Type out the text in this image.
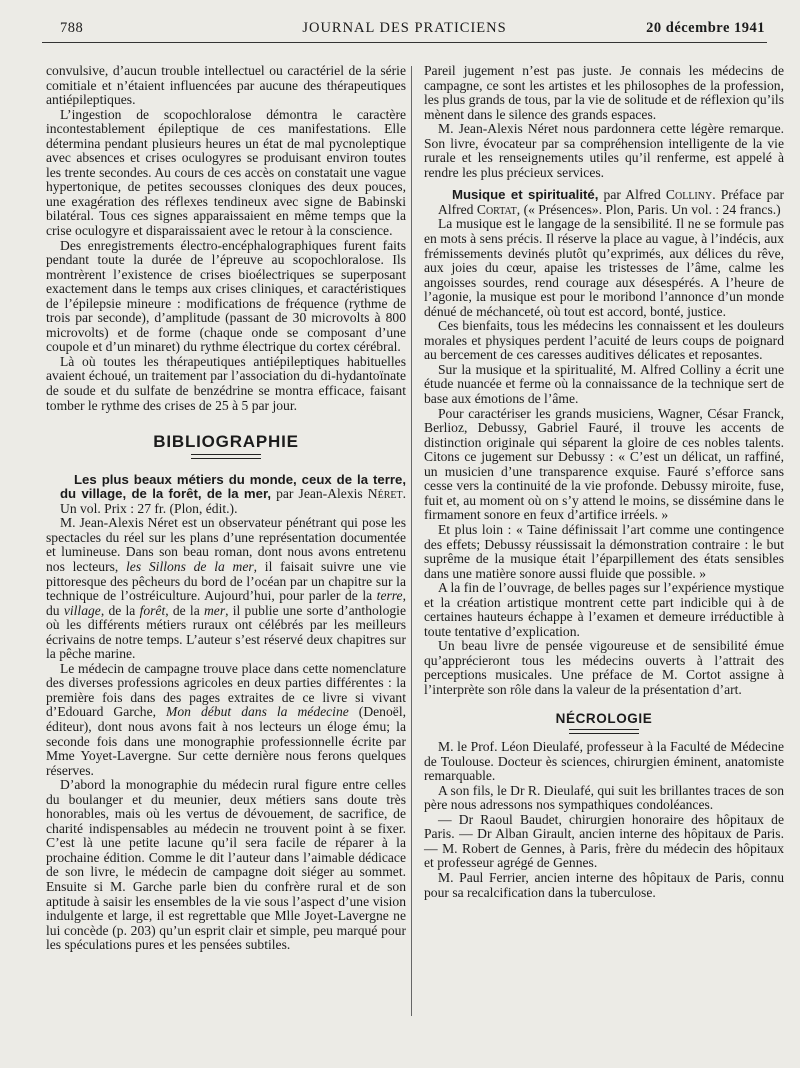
788	JOURNAL DES PRATICIENS	20 décembre 1941

convulsive, d’aucun trouble intellectuel ou caractériel de la série comitiale et n’étaient influencées par aucune des thérapeutiques antiépileptiques.

L’ingestion de scopochloralose démontra le caractère incontestablement épileptique de ces manifestations. Elle détermina pendant plusieurs heures un état de mal pycnoleptique avec absences et crises oculogyres se produisant environ toutes les trente secondes. Au cours de ces accès on constatait une vague hypertonique, de petites secousses cloniques des deux pouces, une exagération des réflexes tendineux avec signe de Babinski bilatéral. Tous ces signes apparaissaient en même temps que la crise oculogyre et disparaissaient avec le retour à la conscience.

Des enregistrements électro-encéphalographiques furent faits pendant toute la durée de l’épreuve au scopochloralose. Ils montrèrent l’existence de crises bioélectriques se superposant exactement dans le temps aux crises cliniques, et caractéristiques de l’épilepsie mineure : modifications de fréquence (rythme de trois par seconde), d’amplitude (passant de 30 microvolts à 800 microvolts) et de forme (chaque onde se composant d’une coupole et d’un minaret) du rythme électrique du cortex cérébral.

Là où toutes les thérapeutiques antiépileptiques habituelles avaient échoué, un traitement par l’association du di-hydantoïnate de soude et du sulfate de benzédrine se montra efficace, faisant tomber le rythme des crises de 25 à 5 par jour.

BIBLIOGRAPHIE

Les plus beaux métiers du monde, ceux de la terre, du village, de la forêt, de la mer, par Jean-Alexis Néret. Un vol. Prix : 27 fr. (Plon, édit.).

M. Jean-Alexis Néret est un observateur pénétrant qui pose les spectacles du réel sur les plans d’une représentation documentée et lumineuse. Dans son beau roman, dont nous avons entretenu nos lecteurs, les Sillons de la mer, il faisait suivre une vie pittoresque des pêcheurs du bord de l’océan par un chapitre sur la technique de l’ostréiculture. Aujourd’hui, pour parler de la terre, du village, de la forêt, de la mer, il publie une sorte d’anthologie où les différents métiers ruraux ont célébrés par les meilleurs écrivains de notre temps. L’auteur s’est réservé deux chapitres sur la pêche marine.

Le médecin de campagne trouve place dans cette nomenclature des diverses professions agricoles en deux parties différentes : la première fois dans des pages extraites de ce livre si vivant d’Edouard Garche, Mon début dans la médecine (Denoël, éditeur), dont nous avons fait à nos lecteurs un éloge ému; la seconde fois dans une monographie professionnelle écrite par Mme Yoyet-Lavergne. Sur cette dernière nous ferons quelques réserves.

D’abord la monographie du médecin rural figure entre celles du boulanger et du meunier, deux métiers sans doute très honorables, mais où les vertus de dévouement, de sacrifice, de charité indispensables au médecin ne trouvent point à se fixer. C’est là une petite lacune qu’il sera facile de réparer à la prochaine édition. Comme le dit l’auteur dans l’aimable dédicace de son livre, le médecin de campagne doit siéger au sommet. Ensuite si M. Garche parle bien du confrère rural et de son aptitude à saisir les ensembles de la vie sous l’aspect d’une vision indulgente et large, il est regrettable que Mlle Joyet-Lavergne ne lui concède (p. 203) qu’un esprit clair et simple, peu marqué pour les spéculations pures et les pensées subtiles.

Pareil jugement n’est pas juste. Je connais les médecins de campagne, ce sont les artistes et les philosophes de la profession, les plus grands de tous, par la vie de solitude et de réflexion qu’ils mènent dans le silence des grands espaces.

M. Jean-Alexis Néret nous pardonnera cette légère remarque. Son livre, évocateur par sa compréhension intelligente de la vie rurale et les renseignements utiles qu’il renferme, est appelé à rendre les plus précieux services.

Musique et spiritualité, par Alfred Colliny. Préface par Alfred Cortat, (« Présences». Plon, Paris. Un vol. : 24 francs.)

La musique est le langage de la sensibilité. Il ne se formule pas en mots à sens précis. Il réserve la place au vague, à l’indécis, aux frémissements devinés plutôt qu’exprimés, aux délices du rêve, aux joies du cœur, apaise les tristesses de l’âme, calme les angoisses sourdes, rend courage aux désespérés. A l’heure de l’agonie, la musique est pour le moribond l’annonce d’un monde dénué de méchanceté, où tout est accord, bonté, justice.

Ces bienfaits, tous les médecins les connaissent et les douleurs morales et physiques perdent l’acuité de leurs coups de poignard au bercement de ces caresses auditives délicates et reposantes.

Sur la musique et la spiritualité, M. Alfred Colliny a écrit une étude nuancée et ferme où la connaissance de la technique sert de base aux émotions de l’âme.

Pour caractériser les grands musiciens, Wagner, César Franck, Berlioz, Debussy, Gabriel Fauré, il trouve les accents de distinction originale qui séparent la gloire de ces nobles talents. Citons ce jugement sur Debussy : « C’est un délicat, un raffiné, un musicien d’une transparence exquise. Fauré s’efforce sans cesse vers la continuité de la vie profonde. Debussy miroite, fuse, fuit et, au moment où on s’y attend le moins, se dissémine dans le firmament sonore en feux d’artifice irréels. »

Et plus loin : « Taine définissait l’art comme une contingence des effets; Debussy réussissait la démonstration contraire : le but suprême de la musique était l’éparpillement des états sensibles dans une matière sonore aussi fluide que possible. »

A la fin de l’ouvrage, de belles pages sur l’expérience mystique et la création artistique montrent cette part indicible qui à de certaines hauteurs échappe à l’examen et demeure irréductible à toute tentative d’explication.

Un beau livre de pensée vigoureuse et de sensibilité émue qu’apprécieront tous les médecins ouverts à l’attrait des perceptions musicales. Une préface de M. Cortot assigne à l’interprète son rôle dans la valeur de la présentation d’art.

NÉCROLOGIE

M. le Prof. Léon Dieulafé, professeur à la Faculté de Médecine de Toulouse. Docteur ès sciences, chirurgien éminent, anatomiste remarquable.

A son fils, le Dr R. Dieulafé, qui suit les brillantes traces de son père nous adressons nos sympathiques condoléances.

— Dr Raoul Baudet, chirurgien honoraire des hôpitaux de Paris. — Dr Alban Girault, ancien interne des hôpitaux de Paris. — M. Robert de Gennes, à Paris, frère du médecin des hôpitaux et professeur agrégé de Gennes.

M. Paul Ferrier, ancien interne des hôpitaux de Paris, connu pour sa recalcification dans la tuberculose.
